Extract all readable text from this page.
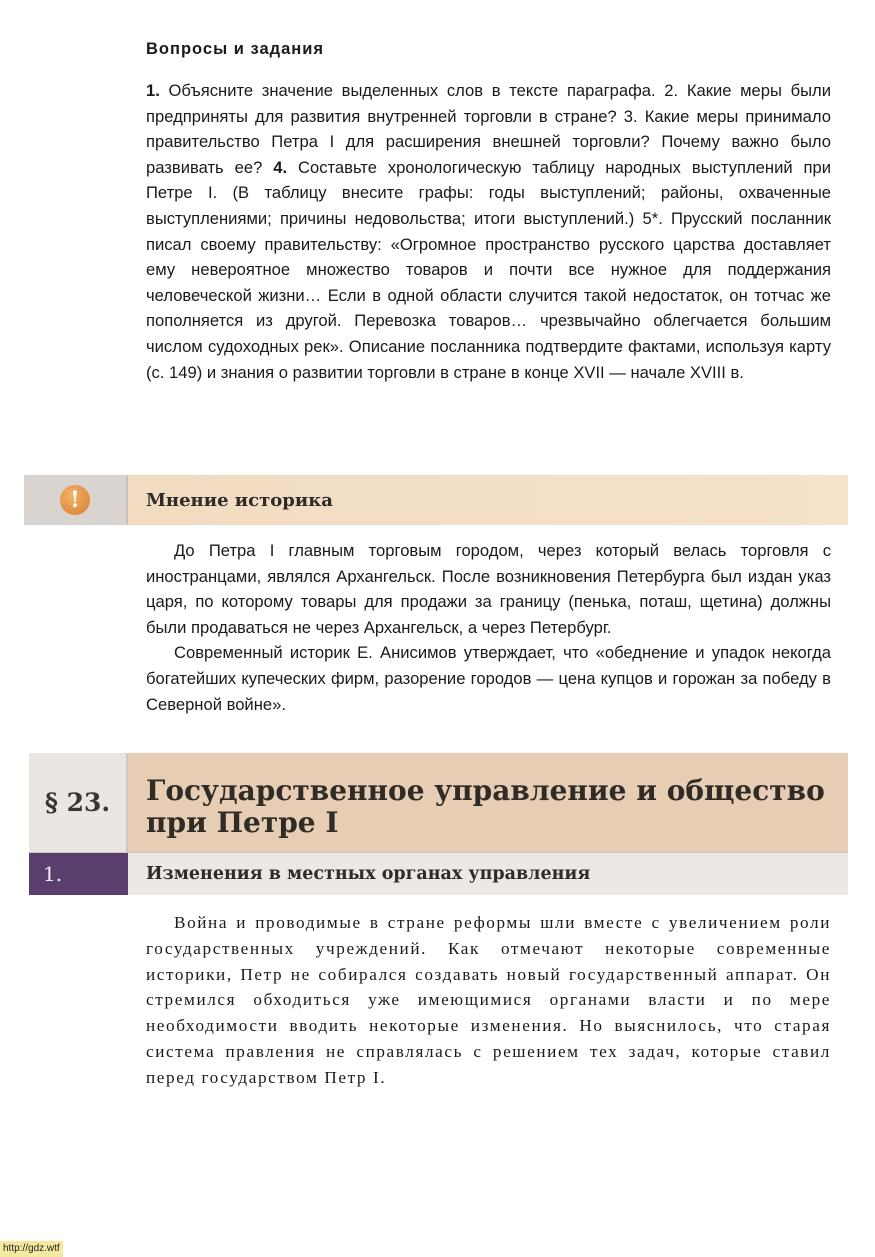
Вопросы и задания
1. Объясните значение выделенных слов в тексте параграфа. 2. Какие меры были предприняты для развития внутренней торговли в стране? 3. Какие меры принимало правительство Петра I для расширения внешней торговли? Почему важно было развивать ее? 4. Составьте хронологическую таблицу народных выступлений при Петре I. (В таблицу внесите графы: годы выступлений; районы, охваченные выступлениями; причины недовольства; итоги выступлений.) 5*. Прусский посланник писал своему правительству: «Огромное пространство русского царства доставляет ему невероятное множество товаров и почти все нужное для поддержания человеческой жизни… Если в одной области случится такой недостаток, он тотчас же пополняется из другой. Перевозка товаров… чрезвычайно облегчается большим числом судоходных рек». Описание посланника подтвердите фактами, используя карту (с. 149) и знания о развитии торговли в стране в конце XVII — начале XVIII в.
!	Мнение историка

До Петра I главным торговым городом, через который велась торговля с иностранцами, являлся Архангельск. После возникновения Петербурга был издан указ царя, по которому товары для продажи за границу (пенька, поташ, щетина) должны были продаваться не через Архангельск, а через Петербург.

Современный историк Е. Анисимов утверждает, что «обеднение и упадок некогда богатейших купеческих фирм, разорение городов — цена купцов и горожан за победу в Северной войне».

§ 23.	Государственное управление и общество
при Петре I
1.	Изменения в местных органах управления

Война и проводимые в стране реформы шли вместе с увеличением роли государственных учреждений. Как отмечают некоторые современные историки, Петр не собирался создавать новый государственный аппарат. Он стремился обходиться уже имеющимися органами власти и по мере необходимости вводить некоторые изменения. Но выяснилось, что старая система правления не справлялась с решением тех задач, которые ставил перед государством Петр I.

http://gdz.wtf
